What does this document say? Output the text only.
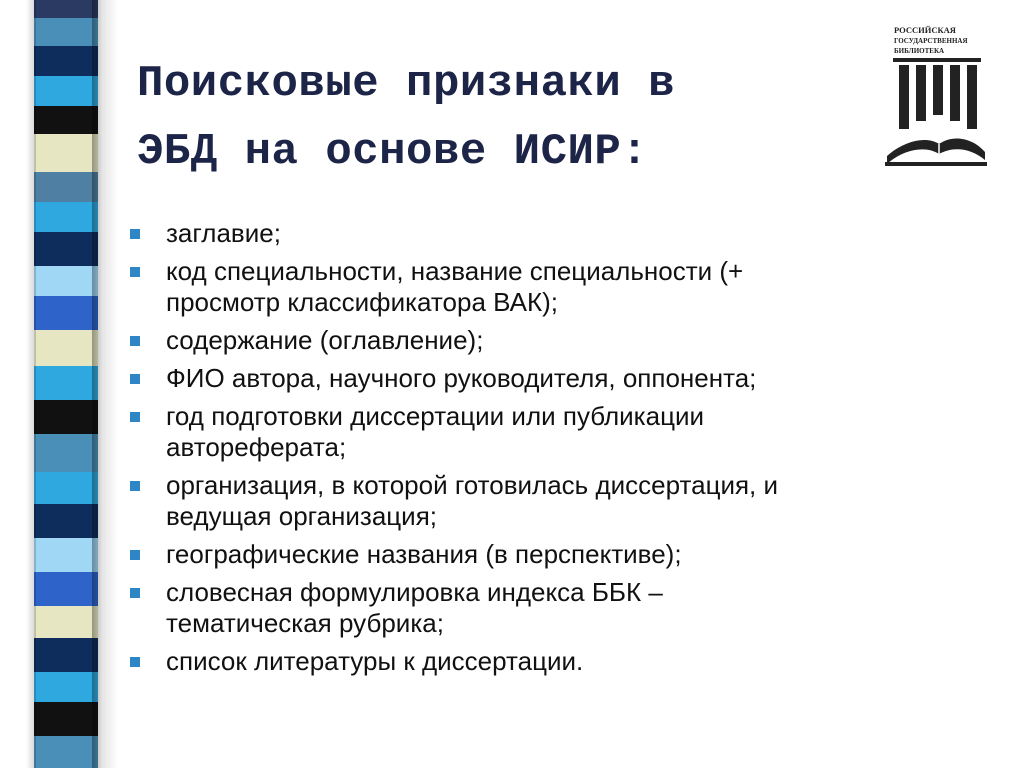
Поисковые признаки в
ЭБД на основе ИСИР:
РОССИЙСКАЯ
ГОСУДАРСТВЕННАЯ
БИБЛИОТЕКА
заглавие;
код специальности, название специальности (+
просмотр классификатора ВАК);
содержание (оглавление);
ФИО автора, научного руководителя, оппонента;
год подготовки диссертации или публикации
автореферата;
организация, в которой готовилась диссертация, и
ведущая организация;
географические названия (в перспективе);
словесная формулировка индекса ББК –
тематическая рубрика;
список литературы к диссертации.
